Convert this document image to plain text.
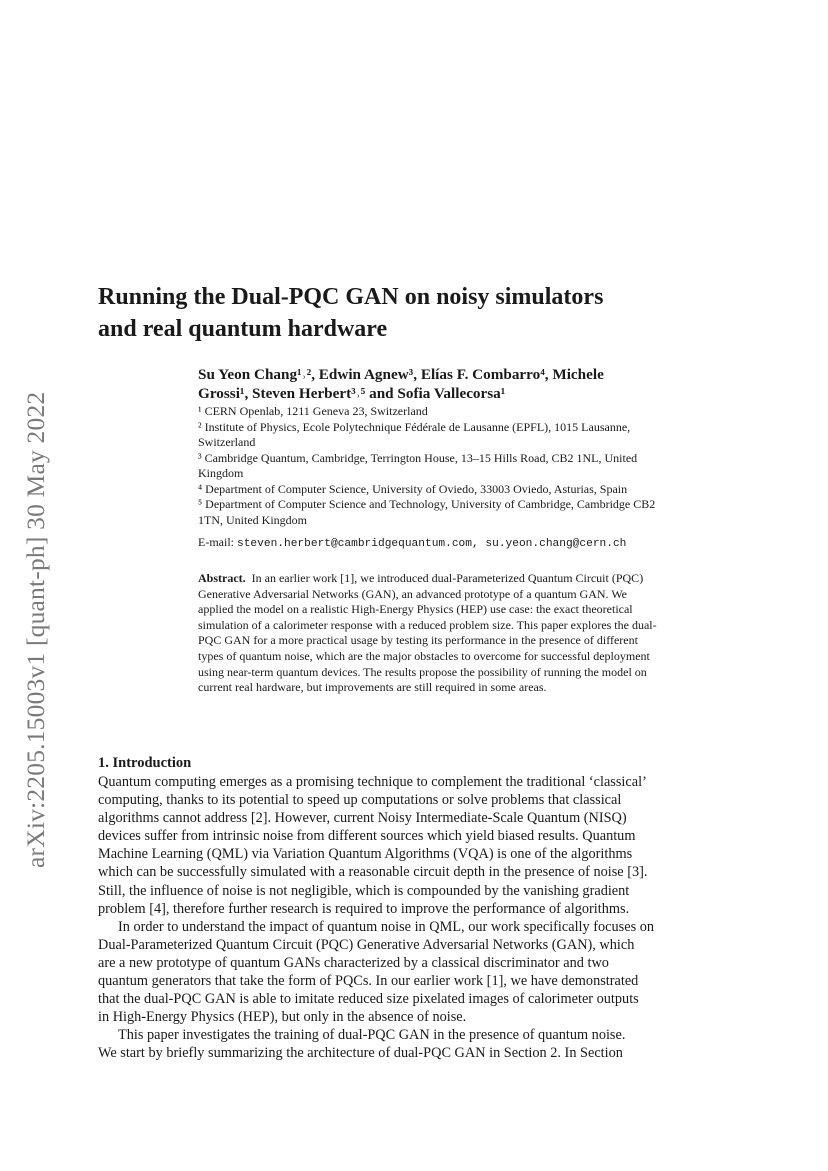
arXiv:2205.15003v1 [quant-ph] 30 May 2022
Running the Dual-PQC GAN on noisy simulators
and real quantum hardware
Su Yeon Chang¹˒², Edwin Agnew³, Elías F. Combarro⁴, Michele
Grossi¹, Steven Herbert³˒⁵ and Sofia Vallecorsa¹
¹ CERN Openlab, 1211 Geneva 23, Switzerland
² Institute of Physics, Ecole Polytechnique Fédérale de Lausanne (EPFL), 1015 Lausanne,
Switzerland
³ Cambridge Quantum, Cambridge, Terrington House, 13–15 Hills Road, CB2 1NL, United
Kingdom
⁴ Department of Computer Science, University of Oviedo, 33003 Oviedo, Asturias, Spain
⁵ Department of Computer Science and Technology, University of Cambridge, Cambridge CB2
1TN, United Kingdom
E-mail: steven.herbert@cambridgequantum.com, su.yeon.chang@cern.ch
Abstract. In an earlier work [1], we introduced dual-Parameterized Quantum Circuit (PQC)
Generative Adversarial Networks (GAN), an advanced prototype of a quantum GAN. We
applied the model on a realistic High-Energy Physics (HEP) use case: the exact theoretical
simulation of a calorimeter response with a reduced problem size. This paper explores the dual-
PQC GAN for a more practical usage by testing its performance in the presence of different
types of quantum noise, which are the major obstacles to overcome for successful deployment
using near-term quantum devices. The results propose the possibility of running the model on
current real hardware, but improvements are still required in some areas.
1. Introduction
Quantum computing emerges as a promising technique to complement the traditional ‘classical’
computing, thanks to its potential to speed up computations or solve problems that classical
algorithms cannot address [2]. However, current Noisy Intermediate-Scale Quantum (NISQ)
devices suffer from intrinsic noise from different sources which yield biased results. Quantum
Machine Learning (QML) via Variation Quantum Algorithms (VQA) is one of the algorithms
which can be successfully simulated with a reasonable circuit depth in the presence of noise [3].
Still, the influence of noise is not negligible, which is compounded by the vanishing gradient
problem [4], therefore further research is required to improve the performance of algorithms.
In order to understand the impact of quantum noise in QML, our work specifically focuses on
Dual-Parameterized Quantum Circuit (PQC) Generative Adversarial Networks (GAN), which
are a new prototype of quantum GANs characterized by a classical discriminator and two
quantum generators that take the form of PQCs. In our earlier work [1], we have demonstrated
that the dual-PQC GAN is able to imitate reduced size pixelated images of calorimeter outputs
in High-Energy Physics (HEP), but only in the absence of noise.
This paper investigates the training of dual-PQC GAN in the presence of quantum noise.
We start by briefly summarizing the architecture of dual-PQC GAN in Section 2. In Section
